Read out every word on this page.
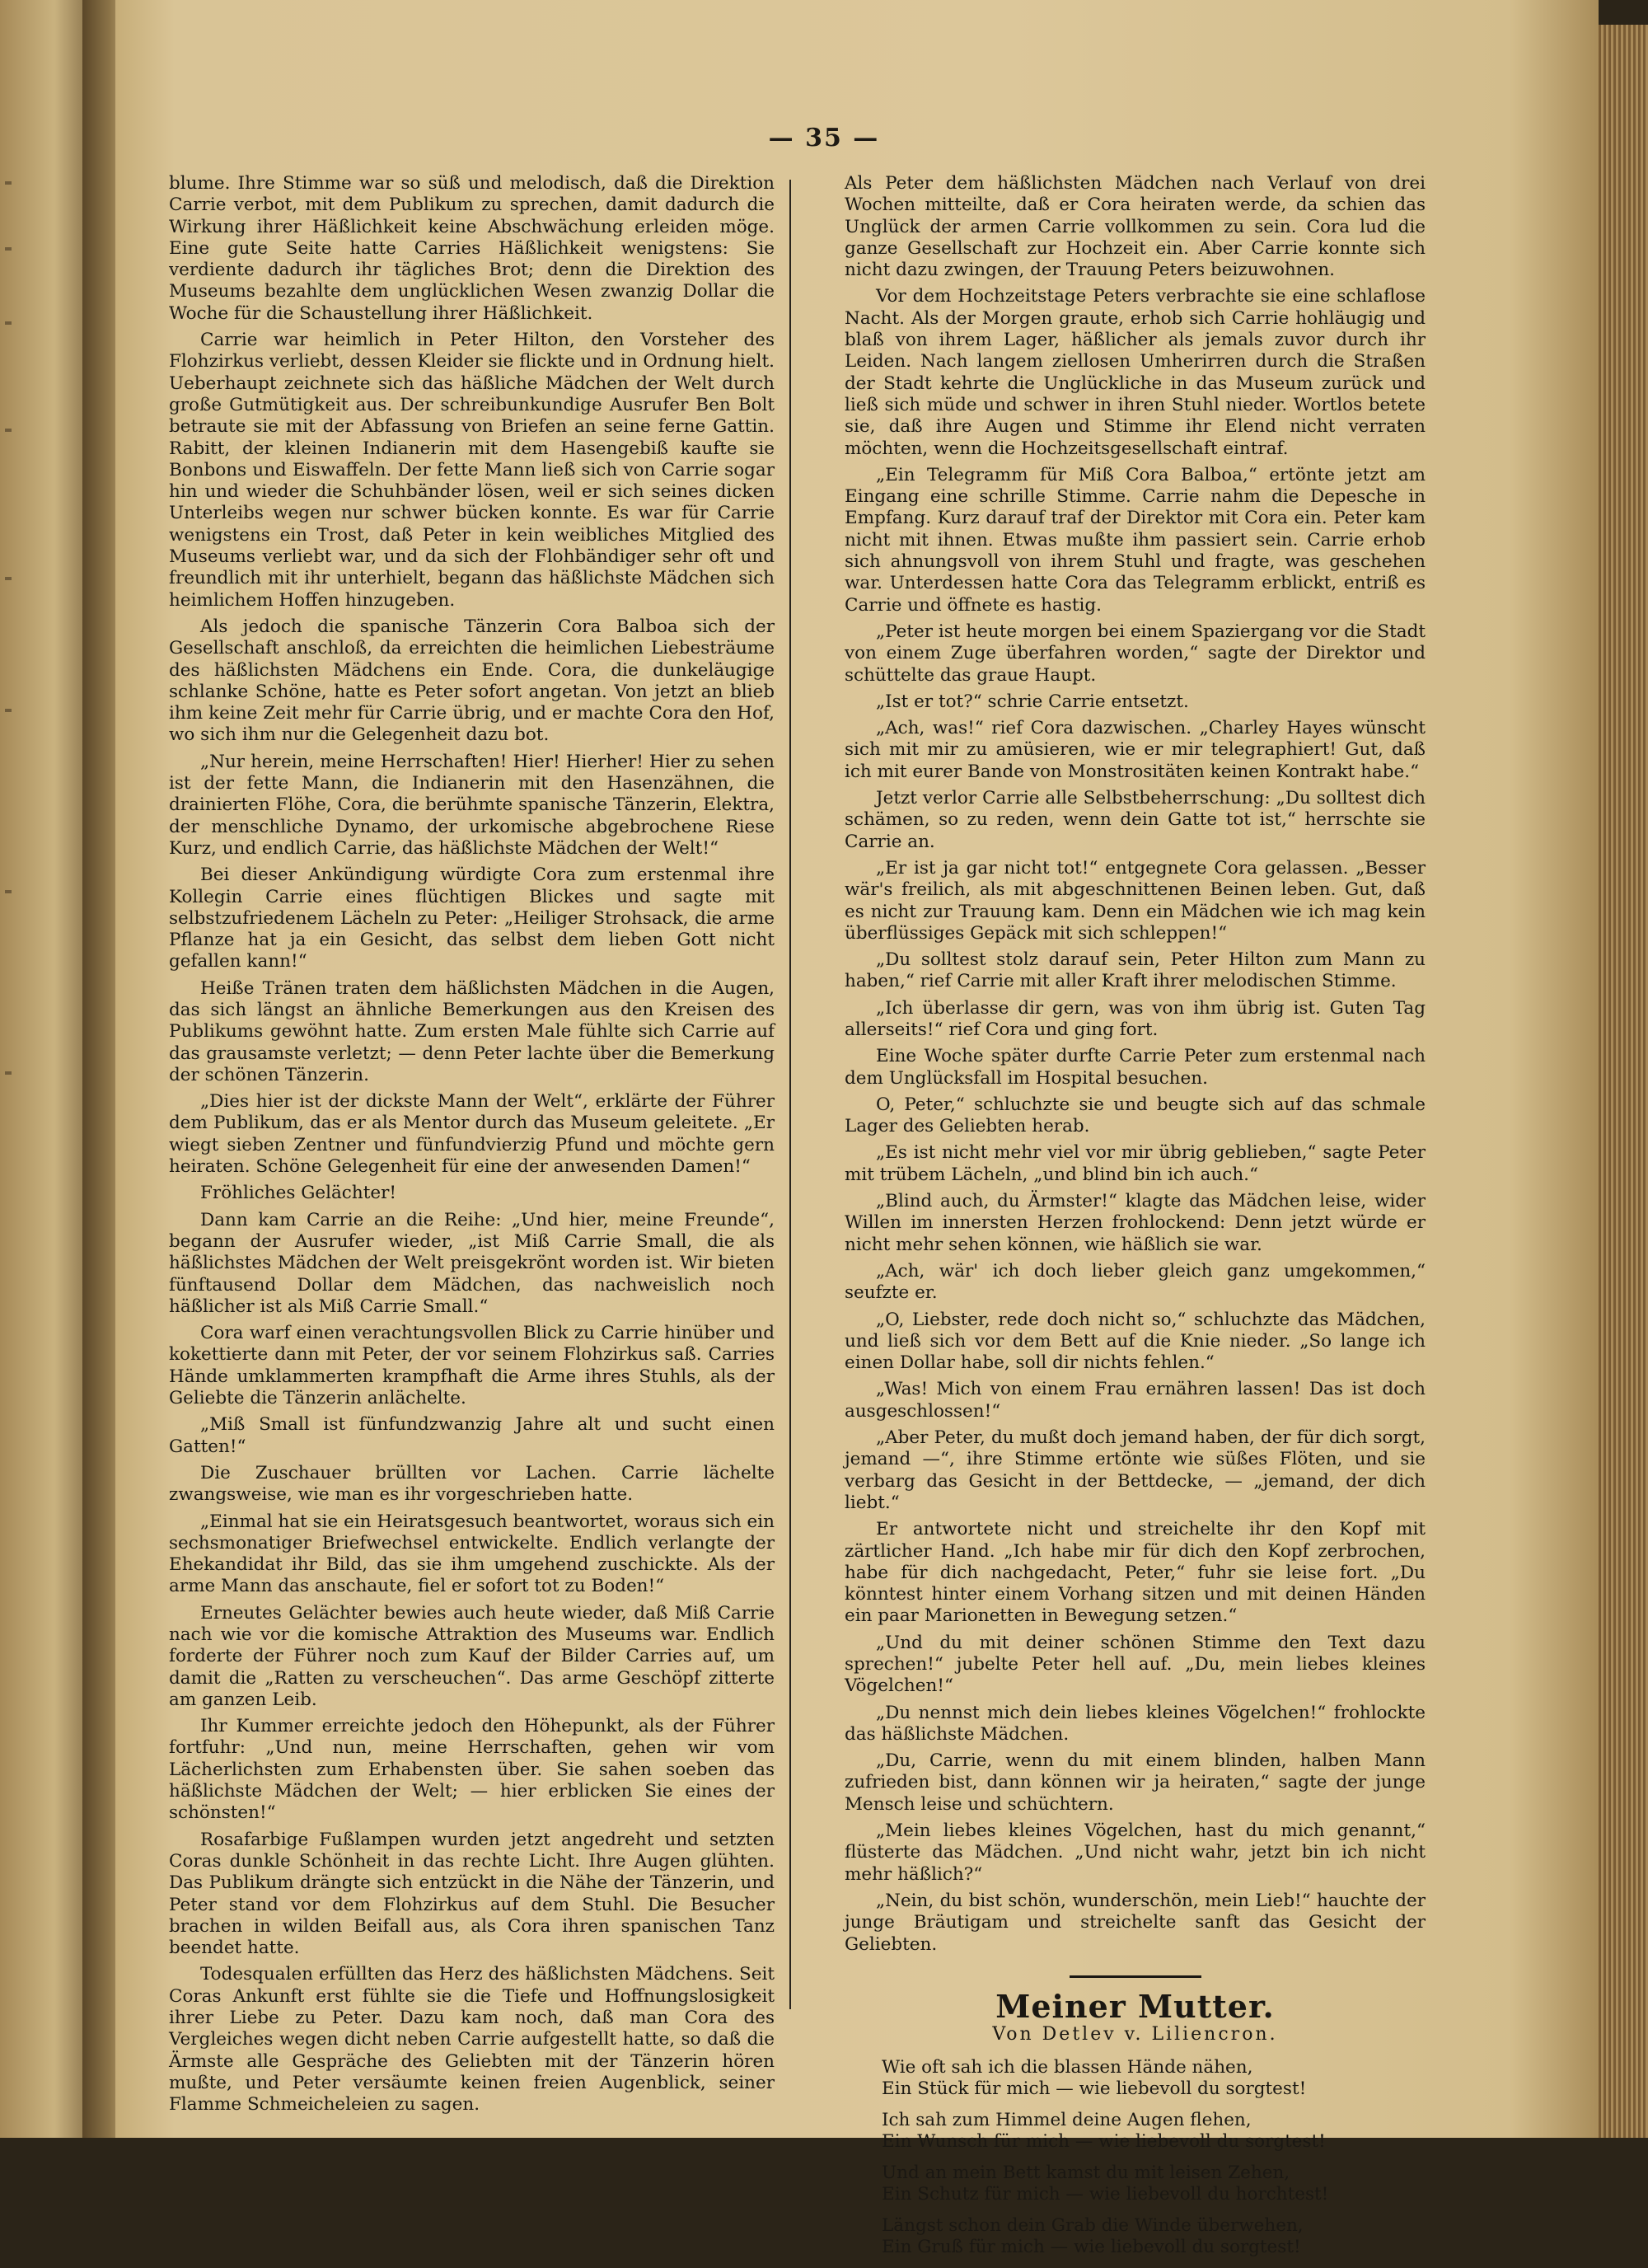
— 35 —

blume. Ihre Stimme war so süß und melodisch, daß die Direktion Carrie verbot, mit dem Publikum zu sprechen, damit dadurch die Wirkung ihrer Häßlichkeit keine Abschwächung erleiden möge. Eine gute Seite hatte Carries Häßlichkeit wenigstens: Sie verdiente dadurch ihr tägliches Brot; denn die Direktion des Museums bezahlte dem unglücklichen Wesen zwanzig Dollar die Woche für die Schaustellung ihrer Häßlichkeit.

Carrie war heimlich in Peter Hilton, den Vorsteher des Flohzirkus verliebt, dessen Kleider sie flickte und in Ordnung hielt. Ueberhaupt zeichnete sich das häßliche Mädchen der Welt durch große Gutmütigkeit aus. Der schreibunkundige Ausrufer Ben Bolt betraute sie mit der Abfassung von Briefen an seine ferne Gattin. Rabitt, der kleinen Indianerin mit dem Hasengebiß kaufte sie Bonbons und Eiswaffeln. Der fette Mann ließ sich von Carrie sogar hin und wieder die Schuhbänder lösen, weil er sich seines dicken Unterleibs wegen nur schwer bücken konnte. Es war für Carrie wenigstens ein Trost, daß Peter in kein weibliches Mitglied des Museums verliebt war, und da sich der Flohbändiger sehr oft und freundlich mit ihr unterhielt, begann das häßlichste Mädchen sich heimlichem Hoffen hinzugeben.

Als jedoch die spanische Tänzerin Cora Balboa sich der Gesellschaft anschloß, da erreichten die heimlichen Liebesträume des häßlichsten Mädchens ein Ende. Cora, die dunkeläugige schlanke Schöne, hatte es Peter sofort angetan. Von jetzt an blieb ihm keine Zeit mehr für Carrie übrig, und er machte Cora den Hof, wo sich ihm nur die Gelegenheit dazu bot.

„Nur herein, meine Herrschaften! Hier! Hierher! Hier zu sehen ist der fette Mann, die Indianerin mit den Hasenzähnen, die drainierten Flöhe, Cora, die berühmte spanische Tänzerin, Elektra, der menschliche Dynamo, der urkomische abgebrochene Riese Kurz, und endlich Carrie, das häßlichste Mädchen der Welt!“

Bei dieser Ankündigung würdigte Cora zum erstenmal ihre Kollegin Carrie eines flüchtigen Blickes und sagte mit selbstzufriedenem Lächeln zu Peter: „Heiliger Strohsack, die arme Pflanze hat ja ein Gesicht, das selbst dem lieben Gott nicht gefallen kann!“

Heiße Tränen traten dem häßlichsten Mädchen in die Augen, das sich längst an ähnliche Bemerkungen aus den Kreisen des Publikums gewöhnt hatte. Zum ersten Male fühlte sich Carrie auf das grausamste verletzt; — denn Peter lachte über die Bemerkung der schönen Tänzerin.

„Dies hier ist der dickste Mann der Welt“, erklärte der Führer dem Publikum, das er als Mentor durch das Museum geleitete. „Er wiegt sieben Zentner und fünfundvierzig Pfund und möchte gern heiraten. Schöne Gelegenheit für eine der anwesenden Damen!“

Fröhliches Gelächter!

Dann kam Carrie an die Reihe: „Und hier, meine Freunde“, begann der Ausrufer wieder, „ist Miß Carrie Small, die als häßlichstes Mädchen der Welt preisgekrönt worden ist. Wir bieten fünftausend Dollar dem Mädchen, das nachweislich noch häßlicher ist als Miß Carrie Small.“

Cora warf einen verachtungsvollen Blick zu Carrie hinüber und kokettierte dann mit Peter, der vor seinem Flohzirkus saß. Carries Hände umklammerten krampfhaft die Arme ihres Stuhls, als der Geliebte die Tänzerin anlächelte.

„Miß Small ist fünfundzwanzig Jahre alt und sucht einen Gatten!“

Die Zuschauer brüllten vor Lachen. Carrie lächelte zwangsweise, wie man es ihr vorgeschrieben hatte.

„Einmal hat sie ein Heiratsgesuch beantwortet, woraus sich ein sechsmonatiger Briefwechsel entwickelte. Endlich verlangte der Ehekandidat ihr Bild, das sie ihm umgehend zuschickte. Als der arme Mann das anschaute, fiel er sofort tot zu Boden!“

Erneutes Gelächter bewies auch heute wieder, daß Miß Carrie nach wie vor die komische Attraktion des Museums war. Endlich forderte der Führer noch zum Kauf der Bilder Carries auf, um damit die „Ratten zu verscheuchen“. Das arme Geschöpf zitterte am ganzen Leib.

Ihr Kummer erreichte jedoch den Höhepunkt, als der Führer fortfuhr: „Und nun, meine Herrschaften, gehen wir vom Lächerlichsten zum Erhabensten über. Sie sahen soeben das häßlichste Mädchen der Welt; — hier erblicken Sie eines der schönsten!“

Rosafarbige Fußlampen wurden jetzt angedreht und setzten Coras dunkle Schönheit in das rechte Licht. Ihre Augen glühten. Das Publikum drängte sich entzückt in die Nähe der Tänzerin, und Peter stand vor dem Flohzirkus auf dem Stuhl. Die Besucher brachen in wilden Beifall aus, als Cora ihren spanischen Tanz beendet hatte.

Todesqualen erfüllten das Herz des häßlichsten Mädchens. Seit Coras Ankunft erst fühlte sie die Tiefe und Hoffnungslosigkeit ihrer Liebe zu Peter. Dazu kam noch, daß man Cora des Vergleiches wegen dicht neben Carrie aufgestellt hatte, so daß die Ärmste alle Gespräche des Geliebten mit der Tänzerin hören mußte, und Peter versäumte keinen freien Augenblick, seiner Flamme Schmeicheleien zu sagen.

Als Peter dem häßlichsten Mädchen nach Verlauf von drei Wochen mitteilte, daß er Cora heiraten werde, da schien das Unglück der armen Carrie vollkommen zu sein. Cora lud die ganze Gesellschaft zur Hochzeit ein. Aber Carrie konnte sich nicht dazu zwingen, der Trauung Peters beizuwohnen.

Vor dem Hochzeitstage Peters verbrachte sie eine schlaflose Nacht. Als der Morgen graute, erhob sich Carrie hohläugig und blaß von ihrem Lager, häßlicher als jemals zuvor durch ihr Leiden. Nach langem ziellosen Umherirren durch die Straßen der Stadt kehrte die Unglückliche in das Museum zurück und ließ sich müde und schwer in ihren Stuhl nieder. Wortlos betete sie, daß ihre Augen und Stimme ihr Elend nicht verraten möchten, wenn die Hochzeitsgesellschaft eintraf.

„Ein Telegramm für Miß Cora Balboa,“ ertönte jetzt am Eingang eine schrille Stimme. Carrie nahm die Depesche in Empfang. Kurz darauf traf der Direktor mit Cora ein. Peter kam nicht mit ihnen. Etwas mußte ihm passiert sein. Carrie erhob sich ahnungsvoll von ihrem Stuhl und fragte, was geschehen war. Unterdessen hatte Cora das Telegramm erblickt, entriß es Carrie und öffnete es hastig.

„Peter ist heute morgen bei einem Spaziergang vor die Stadt von einem Zuge überfahren worden,“ sagte der Direktor und schüttelte das graue Haupt.

„Ist er tot?“ schrie Carrie entsetzt.

„Ach, was!“ rief Cora dazwischen. „Charley Hayes wünscht sich mit mir zu amüsieren, wie er mir telegraphiert! Gut, daß ich mit eurer Bande von Monstrositäten keinen Kontrakt habe.“

Jetzt verlor Carrie alle Selbstbeherrschung: „Du solltest dich schämen, so zu reden, wenn dein Gatte tot ist,“ herrschte sie Carrie an.

„Er ist ja gar nicht tot!“ entgegnete Cora gelassen. „Besser wär's freilich, als mit abgeschnittenen Beinen leben. Gut, daß es nicht zur Trauung kam. Denn ein Mädchen wie ich mag kein überflüssiges Gepäck mit sich schleppen!“

„Du solltest stolz darauf sein, Peter Hilton zum Mann zu haben,“ rief Carrie mit aller Kraft ihrer melodischen Stimme.

„Ich überlasse dir gern, was von ihm übrig ist. Guten Tag allerseits!“ rief Cora und ging fort.

Eine Woche später durfte Carrie Peter zum erstenmal nach dem Unglücksfall im Hospital besuchen.

O, Peter,“ schluchzte sie und beugte sich auf das schmale Lager des Geliebten herab.

„Es ist nicht mehr viel vor mir übrig geblieben,“ sagte Peter mit trübem Lächeln, „und blind bin ich auch.“

„Blind auch, du Ärmster!“ klagte das Mädchen leise, wider Willen im innersten Herzen frohlockend: Denn jetzt würde er nicht mehr sehen können, wie häßlich sie war.

„Ach, wär' ich doch lieber gleich ganz umgekommen,“ seufzte er.

„O, Liebster, rede doch nicht so,“ schluchzte das Mädchen, und ließ sich vor dem Bett auf die Knie nieder. „So lange ich einen Dollar habe, soll dir nichts fehlen.“

„Was! Mich von einem Frau ernähren lassen! Das ist doch ausgeschlossen!“

„Aber Peter, du mußt doch jemand haben, der für dich sorgt, jemand —“, ihre Stimme ertönte wie süßes Flöten, und sie verbarg das Gesicht in der Bettdecke, — „jemand, der dich liebt.“

Er antwortete nicht und streichelte ihr den Kopf mit zärtlicher Hand. „Ich habe mir für dich den Kopf zerbrochen, habe für dich nachgedacht, Peter,“ fuhr sie leise fort. „Du könntest hinter einem Vorhang sitzen und mit deinen Händen ein paar Marionetten in Bewegung setzen.“

„Und du mit deiner schönen Stimme den Text dazu sprechen!“ jubelte Peter hell auf. „Du, mein liebes kleines Vögelchen!“

„Du nennst mich dein liebes kleines Vögelchen!“ frohlockte das häßlichste Mädchen.

„Du, Carrie, wenn du mit einem blinden, halben Mann zufrieden bist, dann können wir ja heiraten,“ sagte der junge Mensch leise und schüchtern.

„Mein liebes kleines Vögelchen, hast du mich genannt,“ flüsterte das Mädchen. „Und nicht wahr, jetzt bin ich nicht mehr häßlich?“

„Nein, du bist schön, wunderschön, mein Lieb!“ hauchte der junge Bräutigam und streichelte sanft das Gesicht der Geliebten.

Meiner Mutter.
Von Detlev v. Liliencron.
Wie oft sah ich die blassen Hände nähen,
Ein Stück für mich — wie liebevoll du sorgtest!
Ich sah zum Himmel deine Augen flehen,
Ein Wunsch für mich — wie liebevoll du sorgtest!
Und an mein Bett kamst du mit leisen Zehen,
Ein Schutz für mich — wie liebevoll du horchtest!
Längst schon dein Grab die Winde überwehen,
Ein Gruß für mich — wie liebevoll du sorgtest!
